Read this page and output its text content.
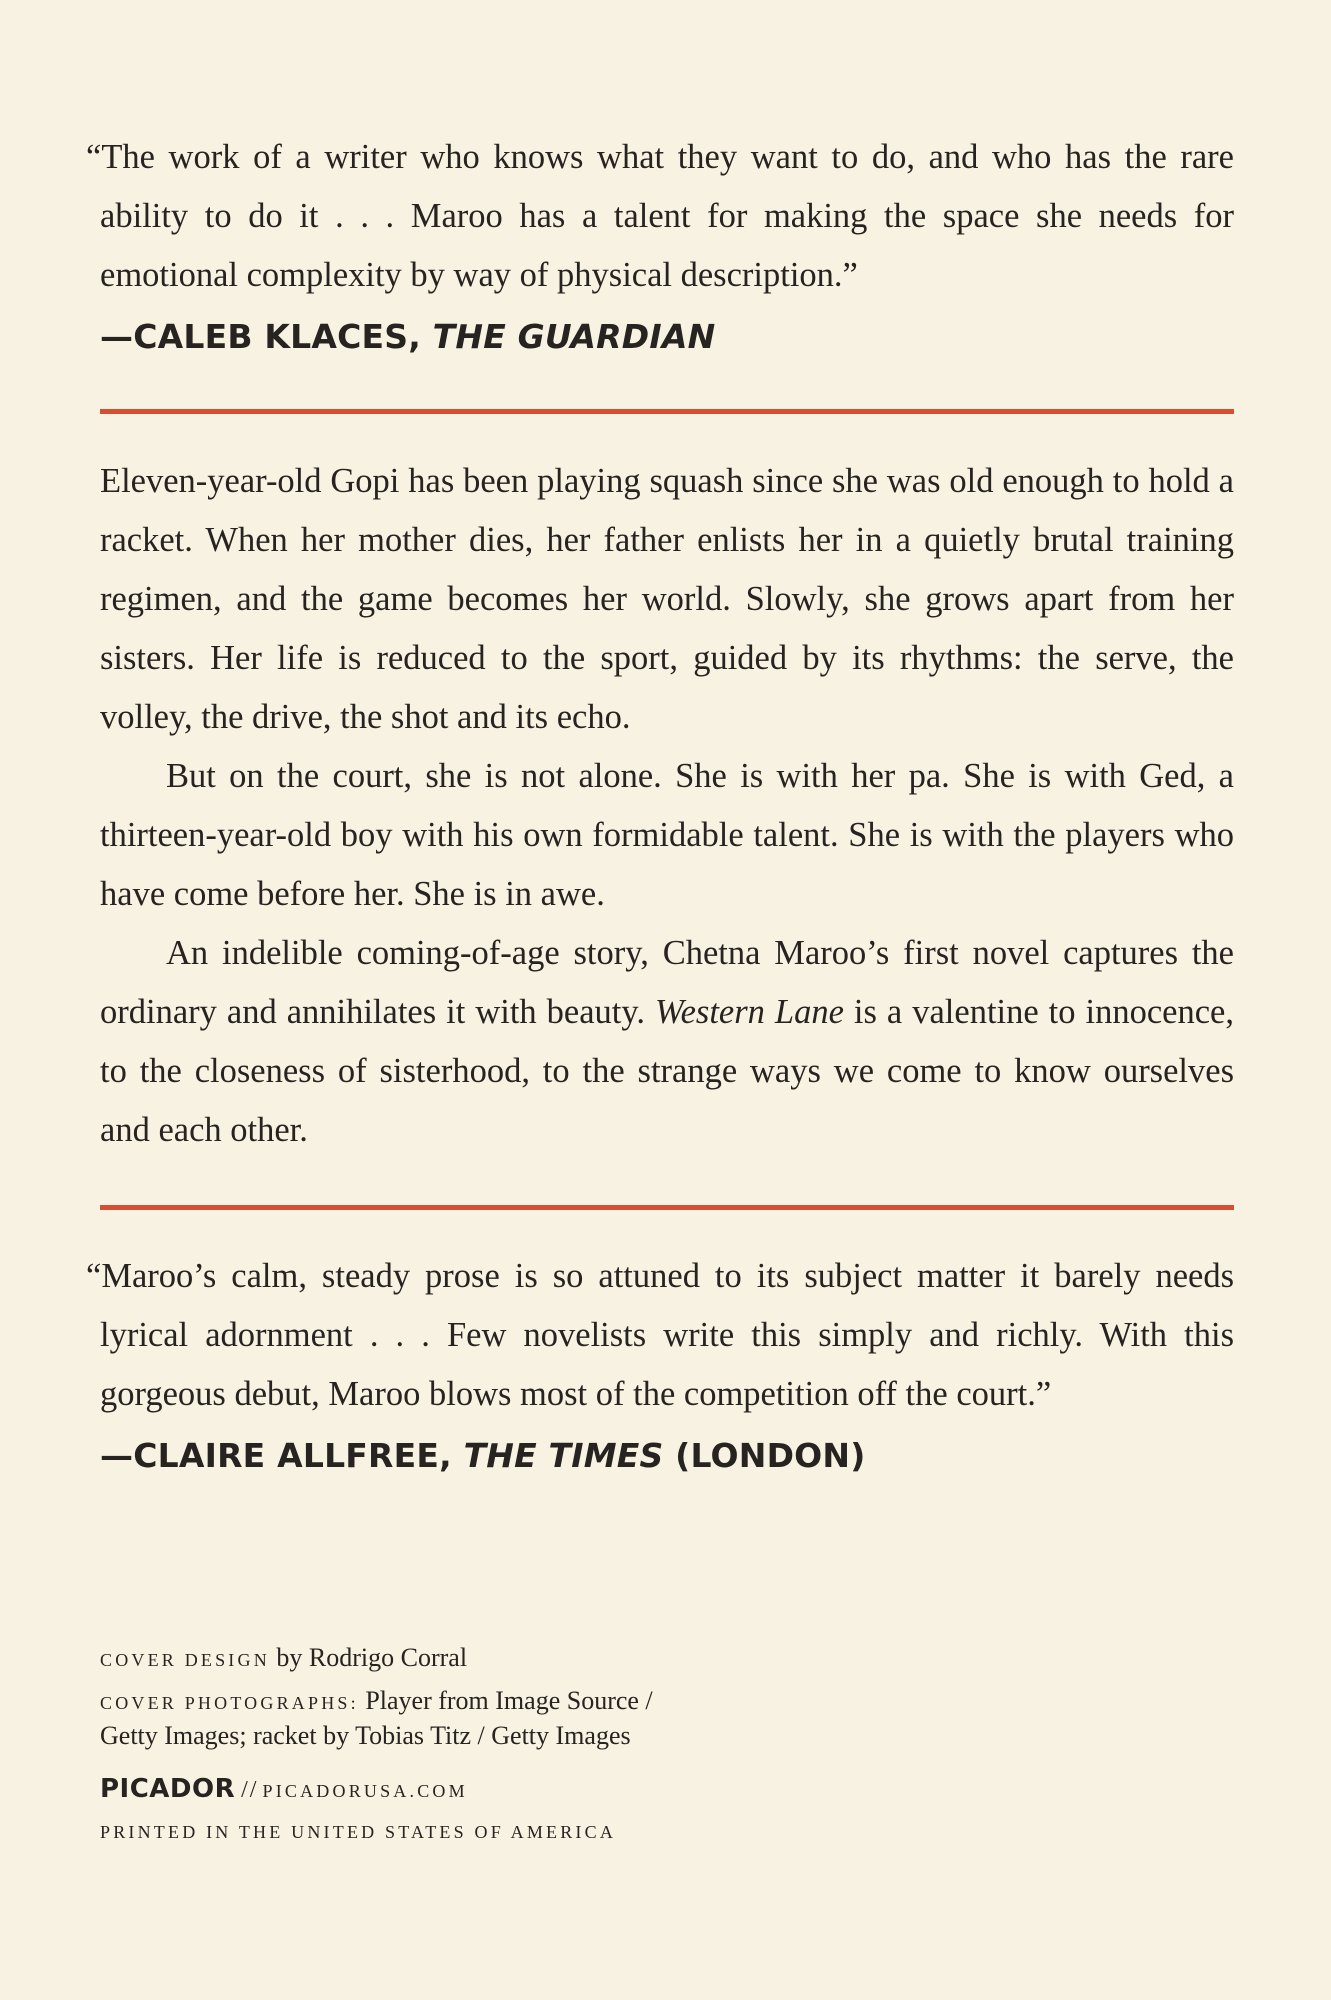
“The work of a writer who knows what they want to do, and who has the rare ability to do it . . . Maroo has a talent for making the space she needs for emotional complexity by way of physical description.”
—CALEB KLACES, THE GUARDIAN

Eleven-year-old Gopi has been playing squash since she was old enough to hold a racket. When her mother dies, her father enlists her in a quietly brutal training regimen, and the game becomes her world. Slowly, she grows apart from her sisters. Her life is reduced to the sport, guided by its rhythms: the serve, the volley, the drive, the shot and its echo.

But on the court, she is not alone. She is with her pa. She is with Ged, a thirteen-year-old boy with his own formidable talent. She is with the players who have come before her. She is in awe.

An indelible coming-of-age story, Chetna Maroo’s first novel captures the ordinary and annihilates it with beauty. Western Lane is a valentine to innocence, to the closeness of sisterhood, to the strange ways we come to know ourselves and each other.

“Maroo’s calm, steady prose is so attuned to its subject matter it barely needs lyrical adornment . . . Few novelists write this simply and richly. With this gorgeous debut, Maroo blows most of the competition off the court.”
—CLAIRE ALLFREE, THE TIMES (LONDON)
COVER DESIGN by Rodrigo Corral
COVER PHOTOGRAPHS: Player from Image Source /
Getty Images; racket by Tobias Titz / Getty Images
PICADOR // PICADORUSA.COM
PRINTED IN THE UNITED STATES OF AMERICA
